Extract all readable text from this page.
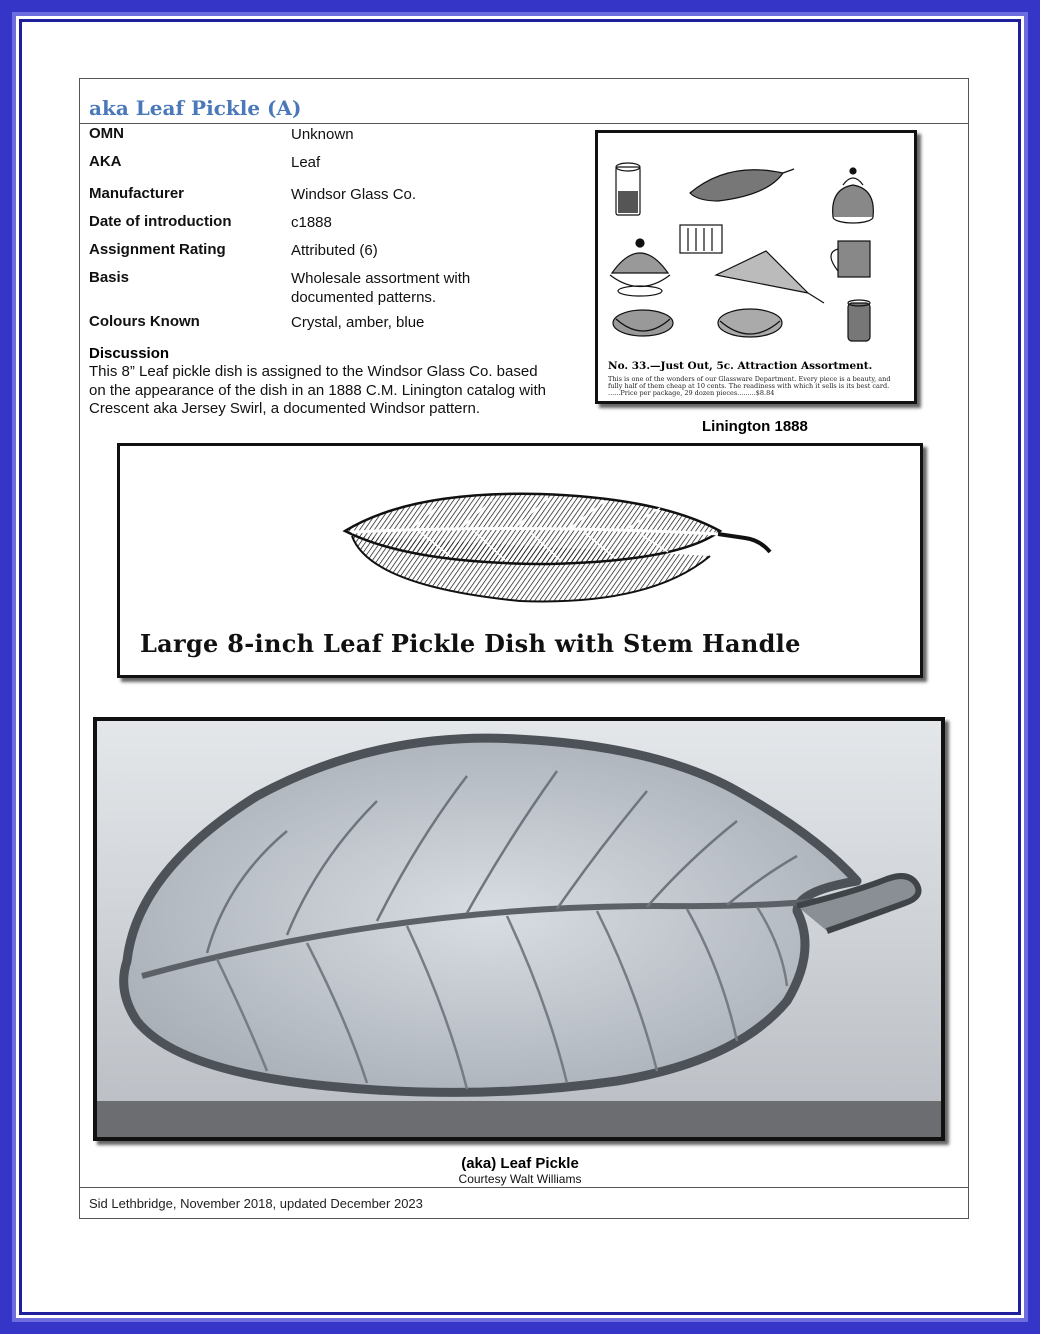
aka Leaf Pickle (A)
OMN	Unknown
AKA	Leaf
Manufacturer	Windsor Glass Co.
Date of introduction	c1888
Assignment Rating	Attributed (6)
Basis	Wholesale assortment with documented patterns.
Colours Known	Crystal, amber, blue
Discussion
This 8” Leaf pickle dish is assigned to the Windsor Glass Co. based on the appearance of the dish in an 1888 C.M. Linington catalog with Crescent aka Jersey Swirl, a documented Windsor pattern.
Sid Lethbridge, November 2018, updated December 2023
No. 33.—Just Out, 5c. Attraction Assortment.
This is one of the wonders of our Glassware Department. Every piece is a beauty, and fully half of them cheap at 10 cents. The readiness with which it sells is its best card. ......Price per package, 29 dozen pieces.........$8.84
Linington 1888
Large 8-inch Leaf Pickle Dish with Stem Handle
(aka) Leaf Pickle
Courtesy Walt Williams
